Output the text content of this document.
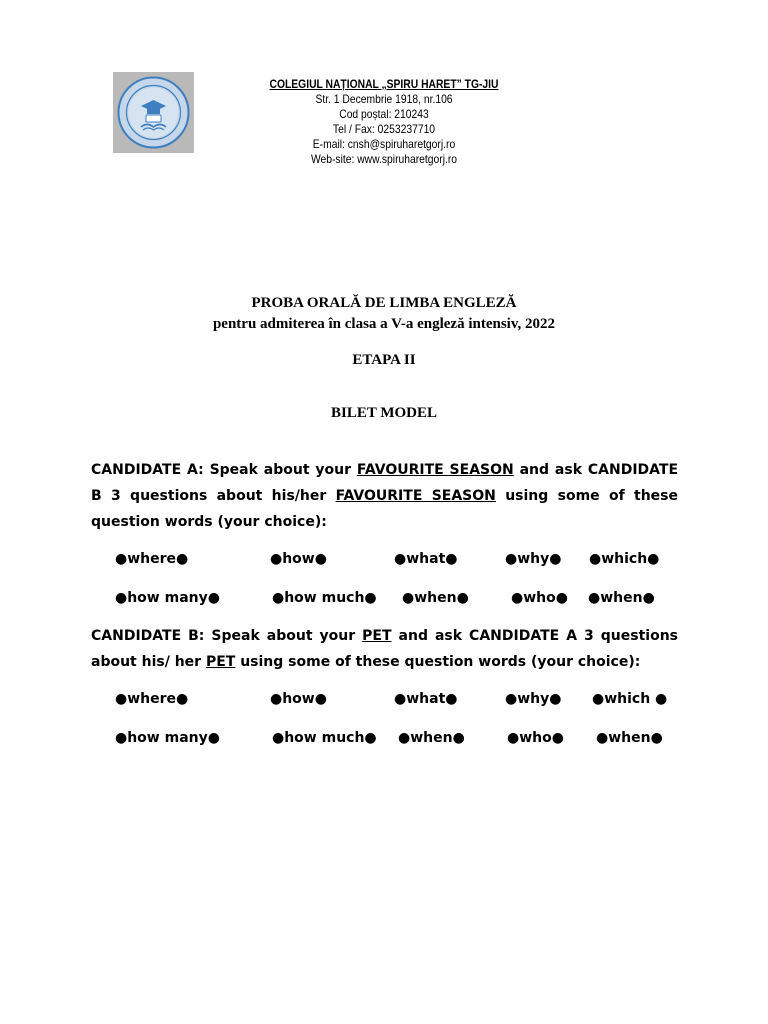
COLEGIUL NAȚIONAL „SPIRU HARET” TG-JIU
Str. 1 Decembrie 1918, nr.106
Cod poștal: 210243
Tel / Fax: 0253237710
E-mail: cnsh@spiruharetgorj.ro
Web-site: www.spiruharetgorj.ro
PROBA ORALĂ DE LIMBA ENGLEZĂ
pentru admiterea în clasa a V-a engleză intensiv, 2022
ETAPA II
BILET MODEL
CANDIDATE A: Speak about your FAVOURITE SEASON and ask CANDIDATE B 3 questions about his/her FAVOURITE SEASON using some of these question words (your choice):
●where●	●how●	●what●	●why● ●which●
●how many●	●how much● ●when●	●who● ●when●
CANDIDATE B: Speak about your PET and ask CANDIDATE A 3 questions about his/ her PET using some of these question words (your choice):
●where●	●how●	●what●	●why● ●which ●
●how many●	●how much● ●when●	●who● ●when●
